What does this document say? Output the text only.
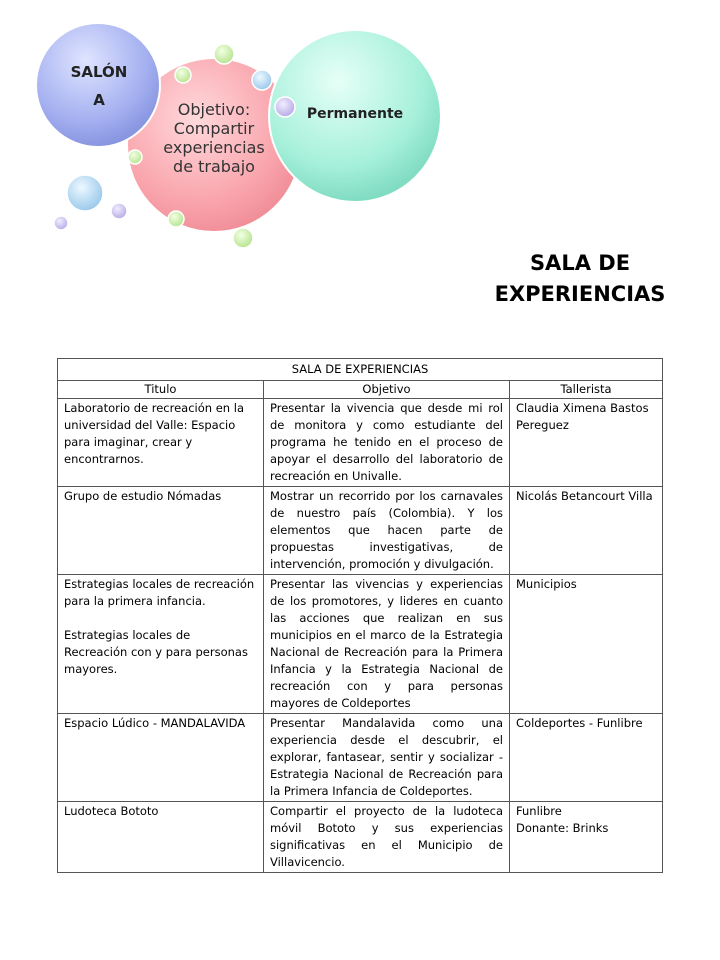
SALÓN
A	Objetivo:
Compartir
experiencias
de trabajo
Permanente
SALA DE
EXPERIENCIAS
SALA DE EXPERIENCIAS		
Titulo	Objetivo	Tallerista
Laboratorio de recreación en la universidad del Valle: Espacio para imaginar, crear y encontrarnos.	Presentar la vivencia que desde mi rol de monitora y como estudiante del programa he tenido en el proceso de apoyar el desarrollo del laboratorio de recreación en Univalle.	Claudia Ximena Bastos Pereguez
Grupo de estudio Nómadas	Mostrar un recorrido por los carnavales de nuestro país (Colombia). Y los elementos que hacen parte de propuestas investigativas, de intervención, promoción y divulgación.	Nicolás Betancourt Villa

Estrategias locales de recreación para la primera infancia.
Estrategias locales de Recreación con y para personas mayores.	Presentar las vivencias y experiencias de los promotores, y lideres en cuanto las acciones que realizan en sus municipios en el marco de la Estrategia Nacional de Recreación para la Primera Infancia y la Estrategia Nacional de recreación con y para personas mayores de Coldeportes	Municipios
Espacio Lúdico - MANDALAVIDA	Presentar Mandalavida como una experiencia desde el descubrir, el explorar, fantasear, sentir y socializar - Estrategia Nacional de Recreación para la Primera Infancia de Coldeportes.	Coldeportes - Funlibre
Ludoteca Bototo	Compartir el proyecto de la ludoteca móvil Bototo y sus experiencias significativas en el Municipio de Villavicencio.	Funlibre
Donante: Brinks
